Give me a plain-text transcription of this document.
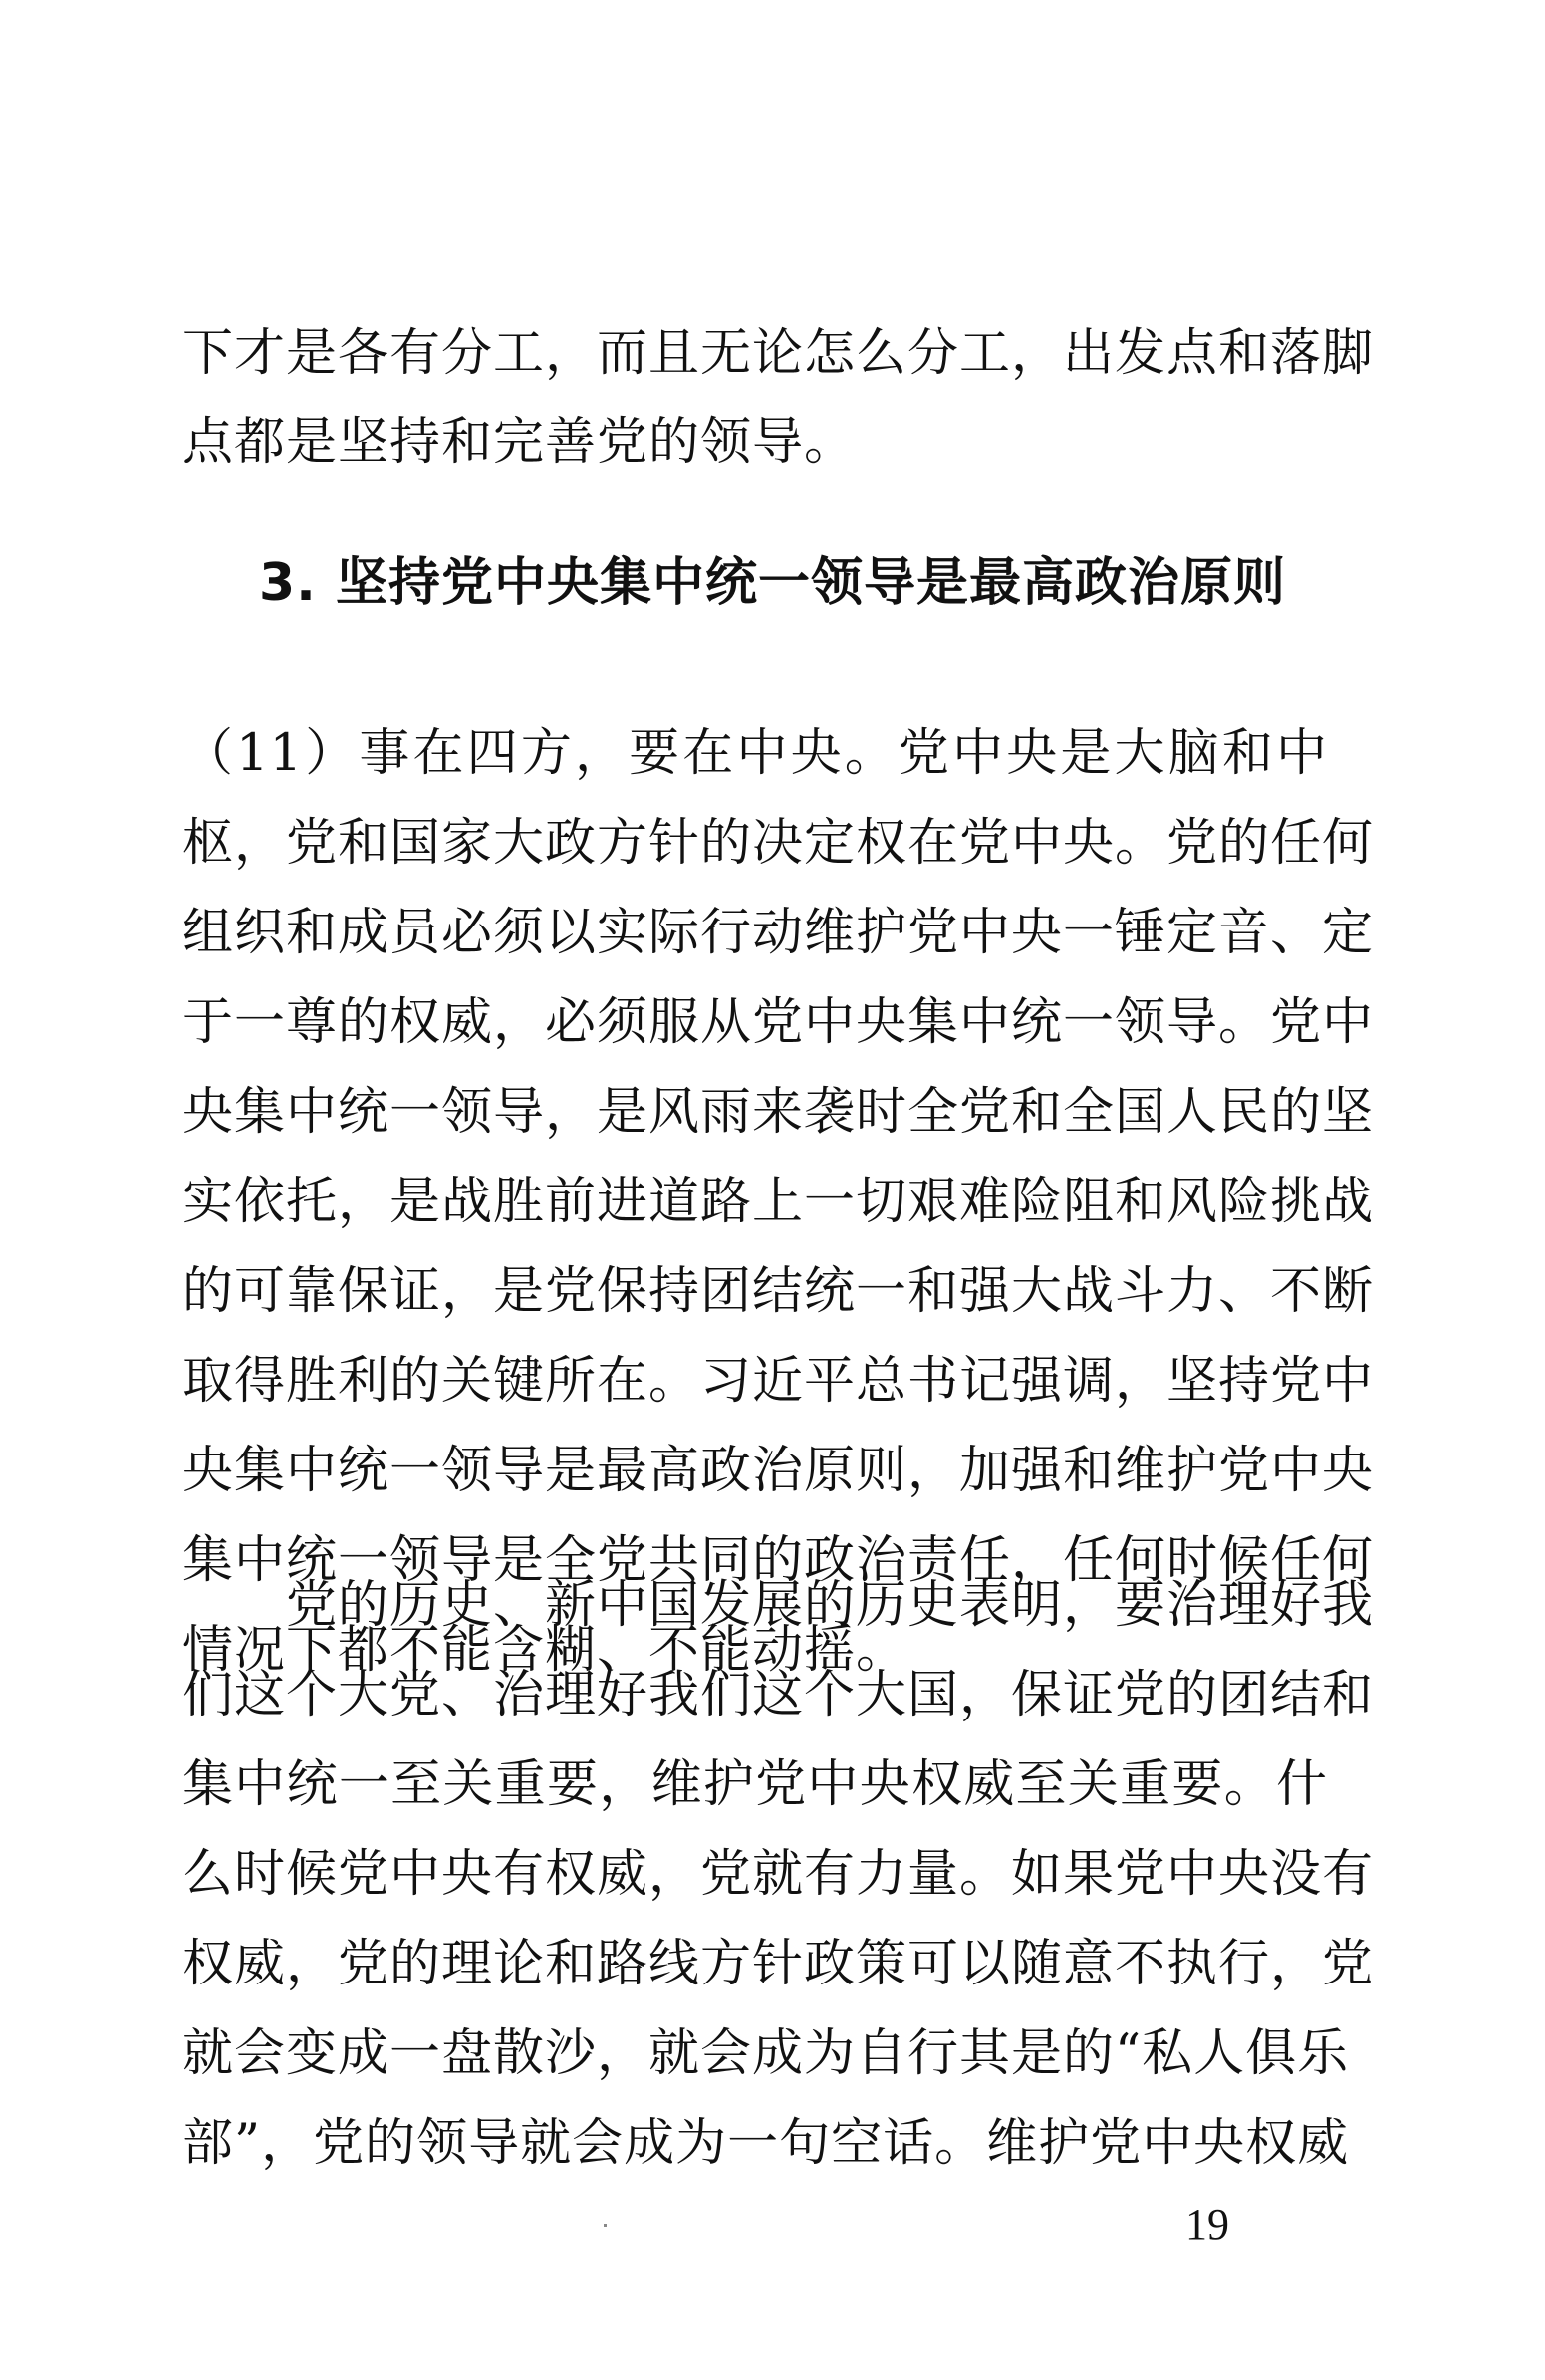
下才是各有分工，而且无论怎么分工，出发点和落脚
点都是坚持和完善党的领导。
3. 坚持党中央集中统一领导是最高政治原则
（11）事在四方，要在中央。党中央是大脑和中
枢，党和国家大政方针的决定权在党中央。党的任何
组织和成员必须以实际行动维护党中央一锤定音、定
于一尊的权威，必须服从党中央集中统一领导。党中
央集中统一领导，是风雨来袭时全党和全国人民的坚
实依托，是战胜前进道路上一切艰难险阻和风险挑战
的可靠保证，是党保持团结统一和强大战斗力、不断
取得胜利的关键所在。习近平总书记强调，坚持党中
央集中统一领导是最高政治原则，加强和维护党中央
集中统一领导是全党共同的政治责任，任何时候任何
情况下都不能含糊、不能动摇。
　　党的历史、新中国发展的历史表明，要治理好我
们这个大党、治理好我们这个大国，保证党的团结和
集中统一至关重要，维护党中央权威至关重要。什
么时候党中央有权威，党就有力量。如果党中央没有
权威，党的理论和路线方针政策可以随意不执行，党
就会变成一盘散沙，就会成为自行其是的“私人俱乐
部”，党的领导就会成为一句空话。维护党中央权威
19
